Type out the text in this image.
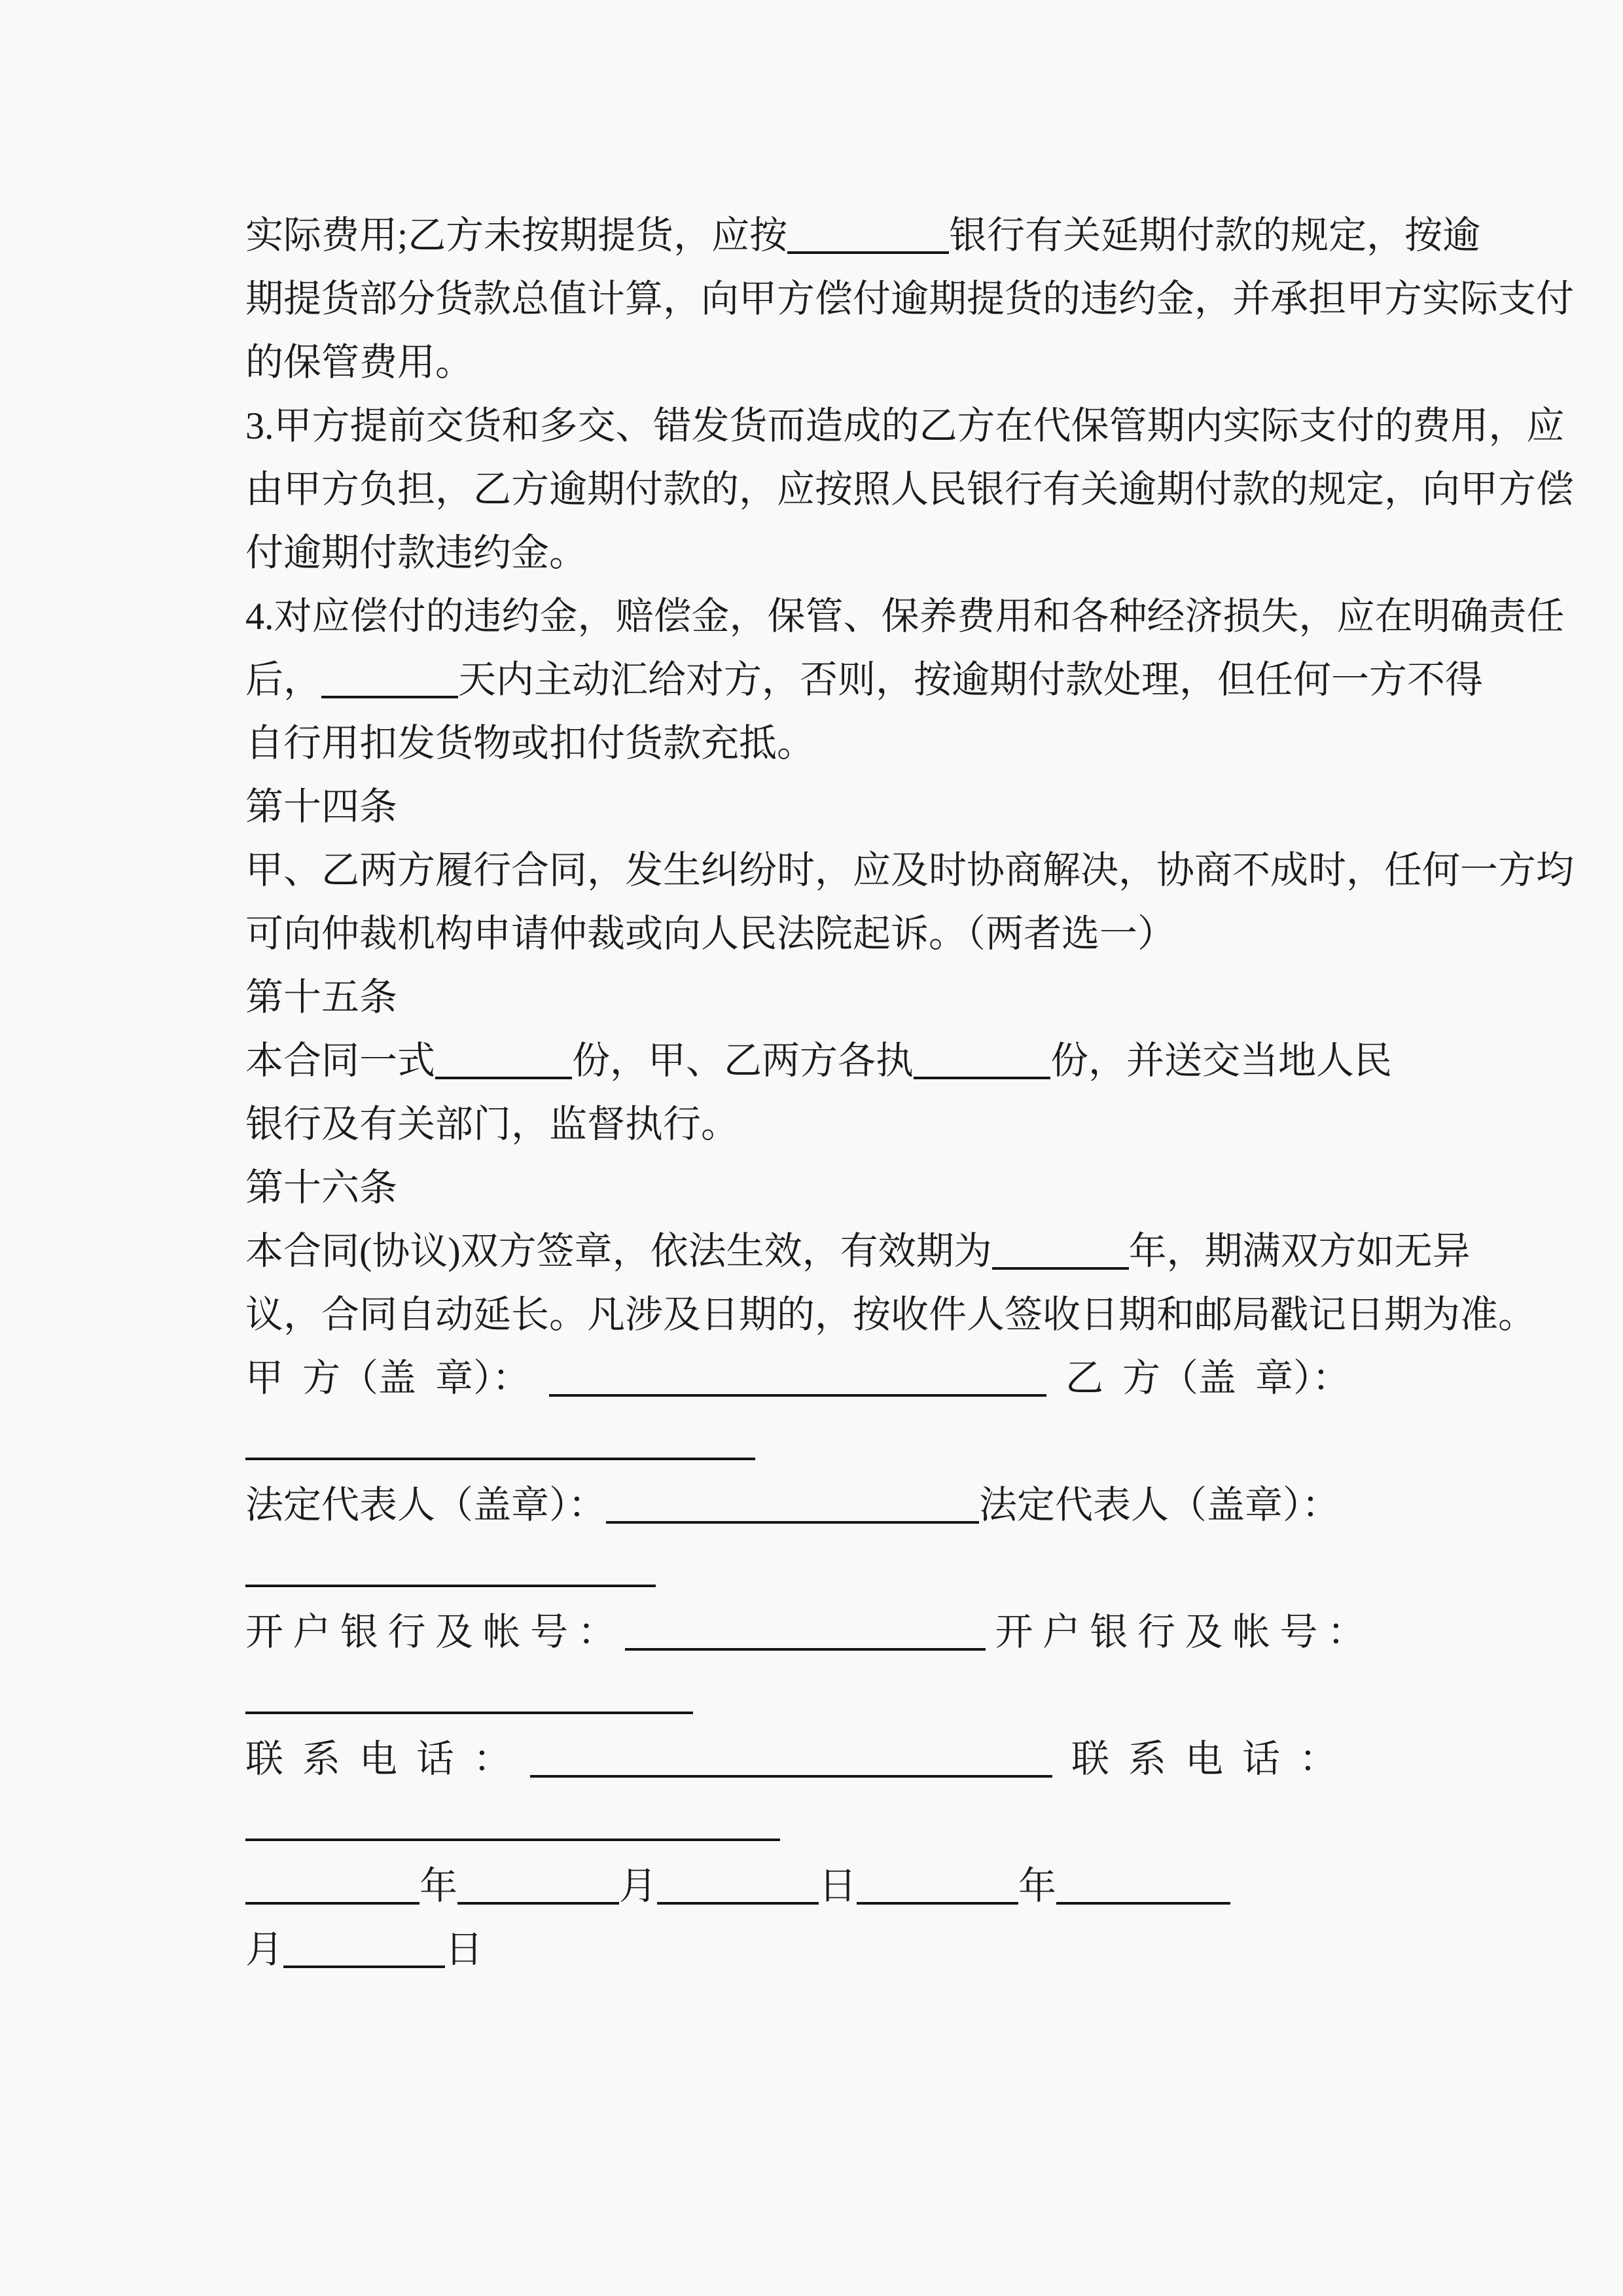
实际费用;乙方未按期提货，应按	银行有关延期付款的规定，按逾
期提货部分货款总值计算，向甲方偿付逾期提货的违约金，并承担甲方实际支付
的保管费用。
3.甲方提前交货和多交、错发货而造成的乙方在代保管期内实际支付的费用，应
由甲方负担，乙方逾期付款的，应按照人民银行有关逾期付款的规定，向甲方偿
付逾期付款违约金。
4.对应偿付的违约金，赔偿金，保管、保养费用和各种经济损失，应在明确责任
后，	天内主动汇给对方，否则，按逾期付款处理，但任何一方不得
自行用扣发货物或扣付货款充抵。
第十四条
甲、乙两方履行合同，发生纠纷时，应及时协商解决，协商不成时，任何一方均
可向仲裁机构申请仲裁或向人民法院起诉。（两者选一）
第十五条
本合同一式	份，甲、乙两方各执	份，并送交当地人民
银行及有关部门，监督执行。
第十六条
本合同(协议)双方签章，依法生效，有效期为	年，期满双方如无异
议，合同自动延长。凡涉及日期的，按收件人签收日期和邮局戳记日期为准。
甲  方（盖  章）：	乙  方（盖  章）：
法定代表人（盖章）：	法定代表人（盖章）：
开 户 银 行 及 帐 号 ：	开 户 银 行 及 帐 号 ：
联  系  电  话  ：	联  系  电  话  ：
年	月	日	年
月	日
